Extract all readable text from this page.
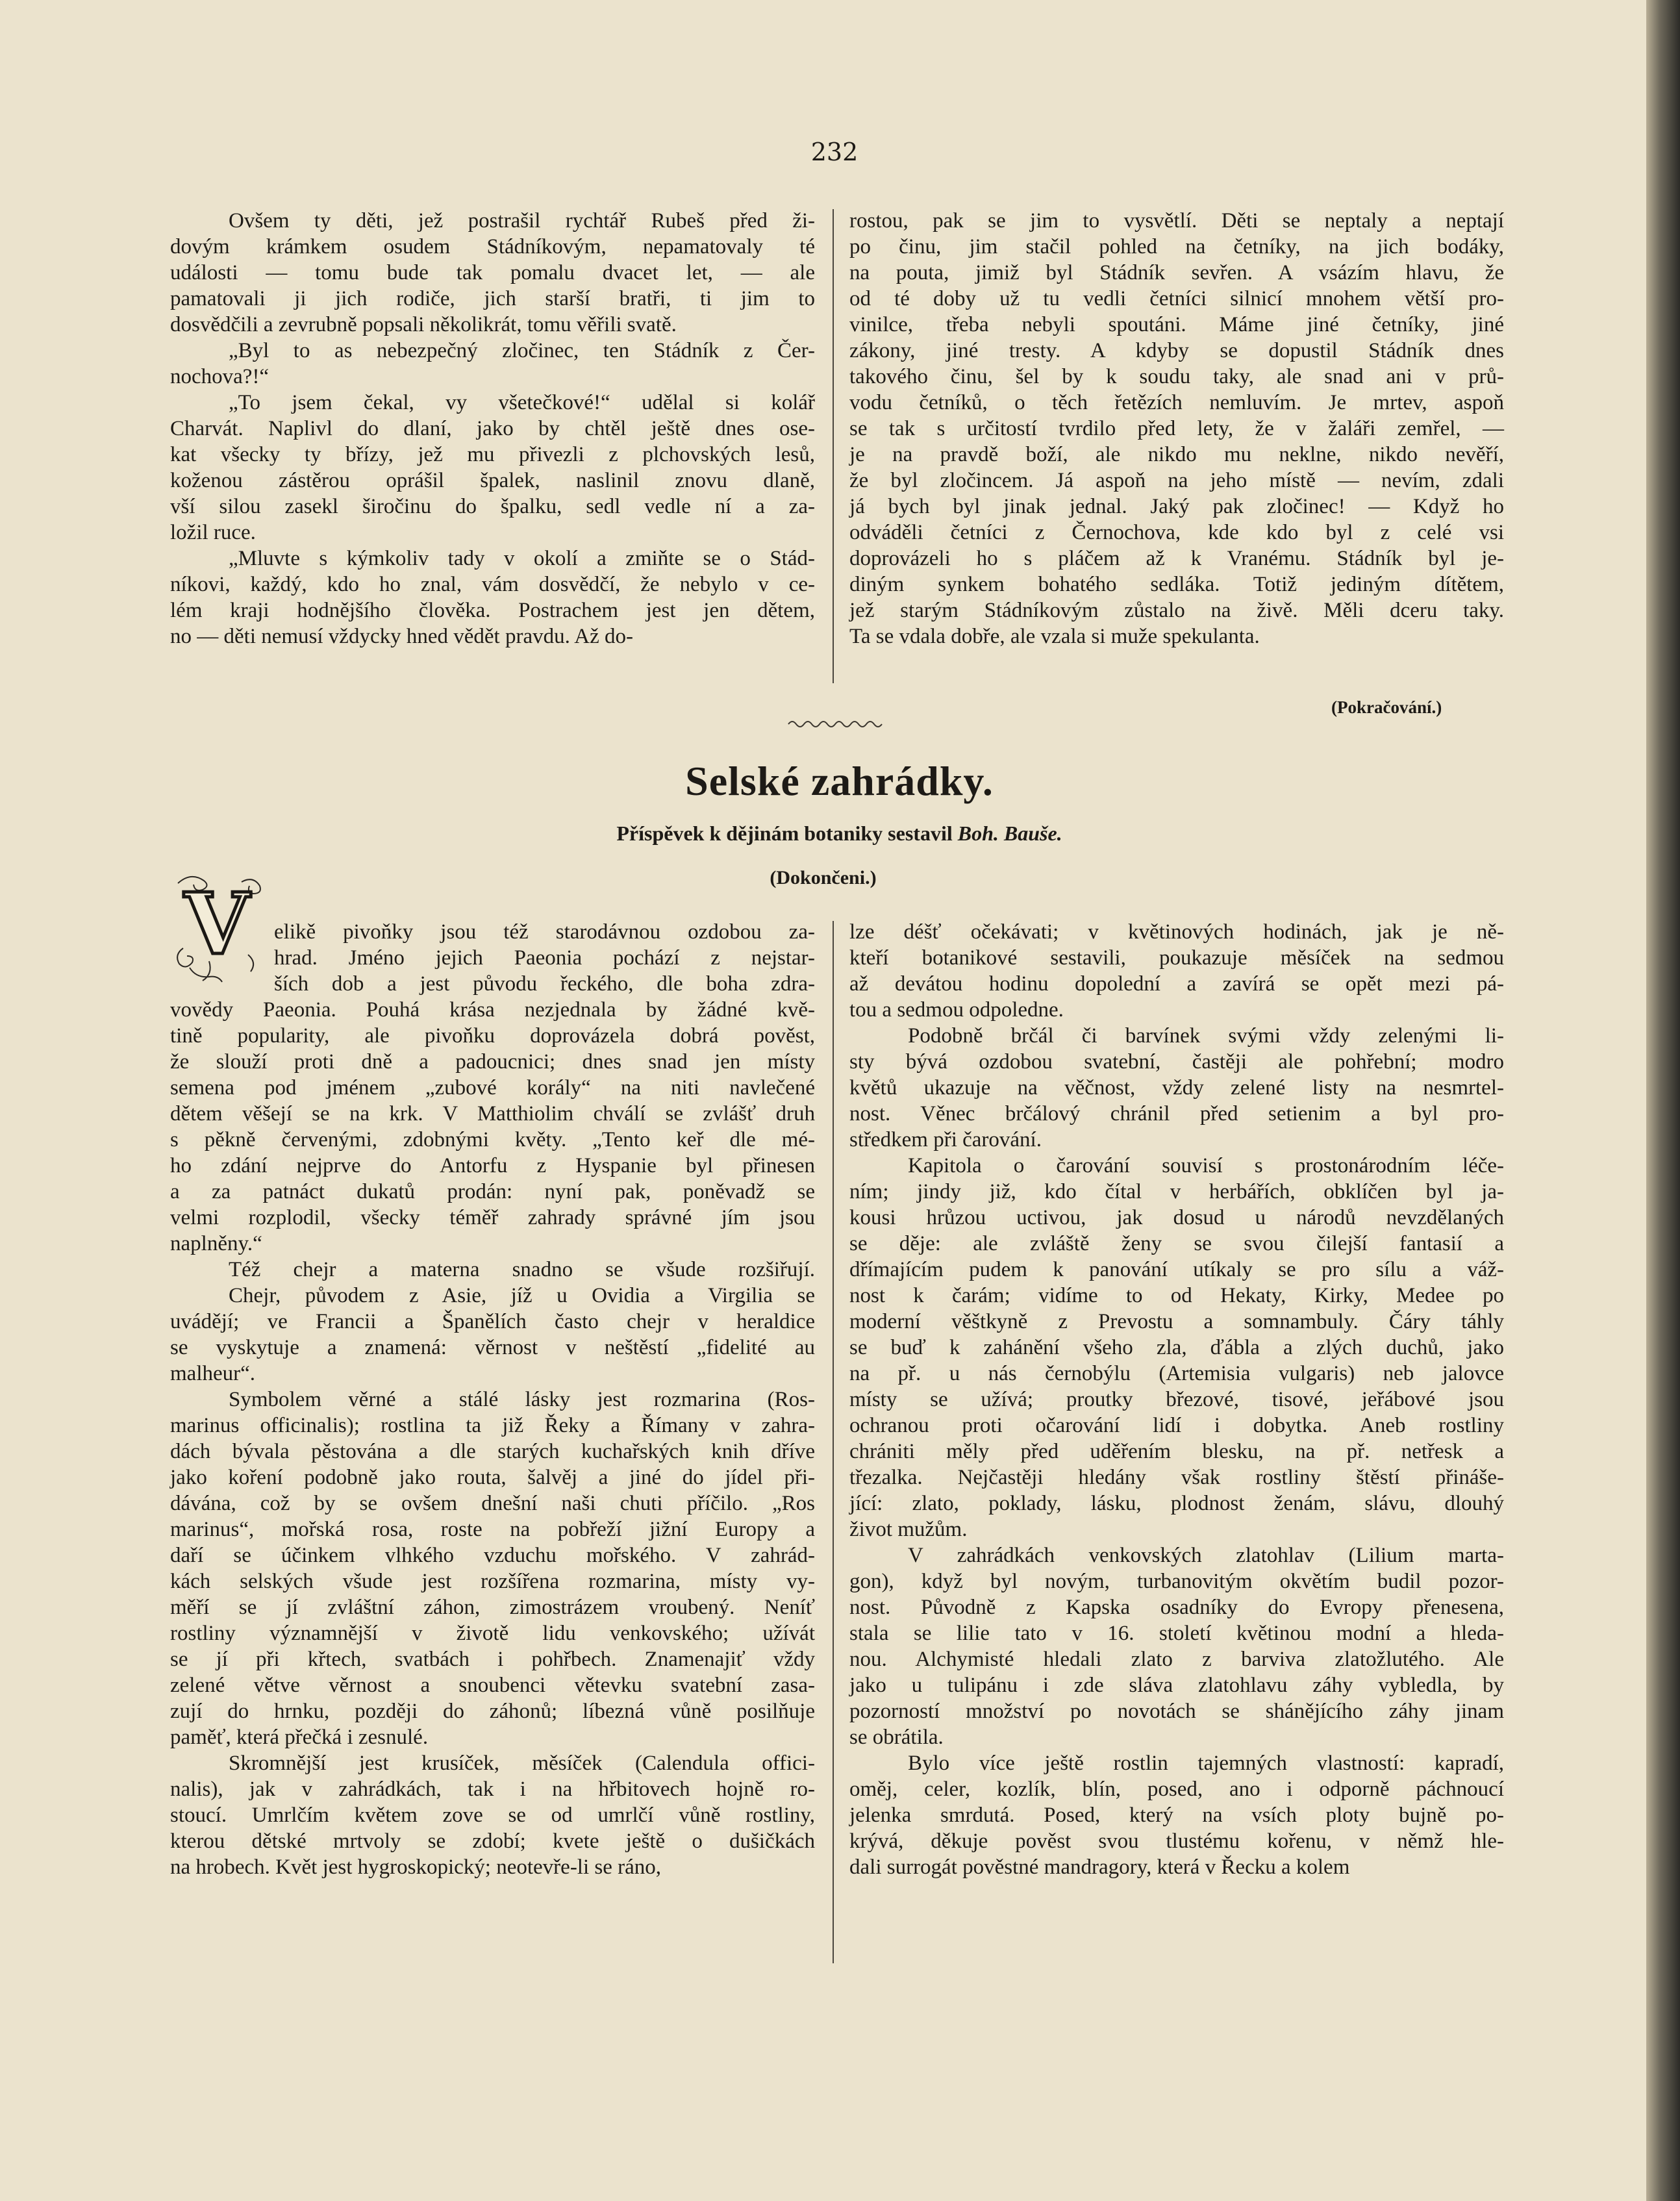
232
Ovšem ty děti, jež postrašil rychtář Rubeš před ži-
dovým krámkem osudem Stádníkovým, nepamatovaly té
události — tomu bude tak pomalu dvacet let, — ale
pamatovali ji jich rodiče, jich starší bratři, ti jim to
dosvědčili a zevrubně popsali několikrát, tomu věřili svatě.
„Byl to as nebezpečný zločinec, ten Stádník z Čer-
nochova?!“
„To jsem čekal, vy všetečkové!“ udělal si kolář
Charvát. Naplivl do dlaní, jako by chtěl ještě dnes osе-
kat všecky ty břízy, jež mu přivezli z plchovských lesů,
koženou zástěrou oprášil špalek, naslinil znovu dlaně,
vší silou zasekl širočinu do špalku, sedl vedle ní a za-
ložil ruce.
„Mluvte s kýmkoliv tady v okolí a zmiňte se o Stád-
níkovi, každý, kdo ho znal, vám dosvědčí, že nebylo v ce-
lém kraji hodnějšího člověka. Postrachem jest jen dětem,
no — děti nemusí vždycky hned vědět pravdu. Až do-
rostou, pak se jim to vysvětlí. Děti se neptaly a neptají
po činu, jim stačil pohled na četníky, na jich bodáky,
na pouta, jimiž byl Stádník sevřen. A vsázím hlavu, že
od té doby už tu vedli četníci silnicí mnohem větší pro-
vinilce, třeba nebyli spoutáni. Máme jiné četníky, jiné
zákony, jiné tresty. A kdyby se dopustil Stádník dnes
takového činu, šel by k soudu taky, ale snad ani v prů-
vodu četníků, o těch řetězích nemluvím. Je mrtev, aspoň
se tak s určitostí tvrdilo před lety, že v žaláři zemřel, —
je na pravdě boží, ale nikdo mu neklne, nikdo nevěří,
že byl zločincem. Já aspoň na jeho místě — nevím, zdali
já bych byl jinak jednal. Jaký pak zločinec! — Když ho
odváděli četníci z Černochova, kde kdo byl z celé vsi
doprovázeli ho s pláčem až k Vranému. Stádník byl je-
diným synkem bohatého sedláka. Totiž jediným dítětem,
jež starým Stádníkovým zůstalo na živě. Měli dceru taky.
Ta se vdala dobře, ale vzala si muže spekulanta.
(Pokračování.)
Selské zahrádky.
Příspěvek k dějinám botaniky sestavil Boh. Bauše.
(Dokončeni.)
V	elikě pivoňky jsou též starodávnou ozdobou za-
hrad. Jméno jejich Paeonia pochází z nejstar-
ších dob a jest původu řeckého, dle boha zdra-
vovědy Paeonia. Pouhá krása nezjednala by žádné kvě-
tině popularity, ale pivoňku doprovázela dobrá pověst,
že slouží proti dně a padoucnici; dnes snad jen místy
semena pod jménem „zubové korály“ na niti navlečené
dětem věšejí se na krk. V Matthiolim chválí se zvlášť druh
s pěkně červenými, zdobnými květy. „Tento keř dle mé-
ho zdání nejprve do Antorfu z Hyspanie byl přinesen
a za patnáct dukatů prodán: nyní pak, poněvadž se
velmi rozplodil, všecky téměř zahrady správné jím jsou
naplněny.“
Též chejr a materna snadno se všude rozšiřují.
Chejr, původem z Asie, jíž u Ovidia a Virgilia se
uvádějí; ve Francii a Španělích často chejr v heraldice
se vyskytuje a znamená: věrnost v neštěstí „fidelité au
malheur“.
Symbolem věrné a stálé lásky jest rozmarina (Ros-
marinus officinalis); rostlina ta již Řeky a Římany v zahra-
dách bývala pěstována a dle starých kuchařských knih dříve
jako koření podobně jako routa, šalvěj a jiné do jídel při-
dávána, což by se ovšem dnešní naši chuti příčilo. „Ros
marinus“, mořská rosa, roste na pobřeží jižní Europy a
daří se účinkem vlhkého vzduchu mořského. V zahrád-
kách selských všude jest rozšířena rozmarina, místy vy-
měří se jí zvláštní záhon, zimostrázem vroubený. Neníť
rostliny významnější v životě lidu venkovského; užívát
se jí při křtech, svatbách i pohřbech. Znamenajiť vždy
zelené větve věrnost a snoubenci větevku svatební zasa-
zují do hrnku, později do záhonů; líbezná vůně posilňuje
paměť, která přečká i zesnulé.
Skromnější jest krusíček, měsíček (Calendula offici-
nalis), jak v zahrádkách, tak i na hřbitovech hojně ro-
stoucí. Umrlčím květem zove se od umrlčí vůně rostliny,
kterou dětské mrtvoly se zdobí; kvete ještě o dušičkách
na hrobech. Květ jest hygroskopický; neotevře-li se ráno,
lze déšť očekávati; v květinových hodinách, jak je ně-
kteří botanikové sestavili, poukazuje měsíček na sedmou
až devátou hodinu dopolední a zavírá se opět mezi pá-
tou a sedmou odpoledne.
Podobně brčál či barvínek svými vždy zelenými li-
sty bývá ozdobou svatební, častěji ale pohřební; modro
květů ukazuje na věčnost, vždy zelené listy na nesmrtel-
nost. Věnec brčálový chránil před setienim a byl pro-
středkem při čarování.
Kapitola o čarování souvisí s prostonárodním léče-
ním; jindy již, kdo čítal v herbářích, obklíčen byl ja-
kousi hrůzou uctivou, jak dosud u národů nevzdělaných
se děje: ale zvláště ženy se svou čilejší fantasií a
dřímajícím pudem k panování utíkaly se pro sílu a váž-
nost k čarám; vidíme to od Hekaty, Kirky, Medee po
moderní věštkyně z Prevostu a somnambuly. Čáry táhly
se buď k zahánění všeho zla, ďábla a zlých duchů, jako
na př. u nás černobýlu (Artemisia vulgaris) neb jalovce
místy se užívá; proutky březové, tisové, jeřábové jsou
ochranou proti očarování lidí i dobytka. Aneb rostliny
chrániti měly před uděřením blesku, na př. netřesk a
třezalka. Nejčastěji hledány však rostliny štěstí přináše-
jící: zlato, poklady, lásku, plodnost ženám, slávu, dlouhý
život mužům.
V zahrádkách venkovských zlatohlav (Lilium marta-
gon), když byl novým, turbanovitým okvětím budil pozor-
nost. Původně z Kapska osadníky do Evropy přenesena,
stala se lilie tato v 16. století květinou modní a hleda-
nou. Alchymisté hledali zlato z barviva zlatožlutého. Ale
jako u tulipánu i zde sláva zlatohlavu záhy vybledla, by
pozorností množství po novotách se shánějícího záhy jinam
se obrátila.
Bylo více ještě rostlin tajemných vlastností: kapradí,
oměj, celer, kozlík, blín, posed, ano i odporně páchnoucí
jelenka smrdutá. Posed, který na vsích ploty bujně po-
krývá, děkuje pověst svou tlustému kořenu, v němž hle-
dali surrogát pověstné mandragory, která v Řecku a kolem
